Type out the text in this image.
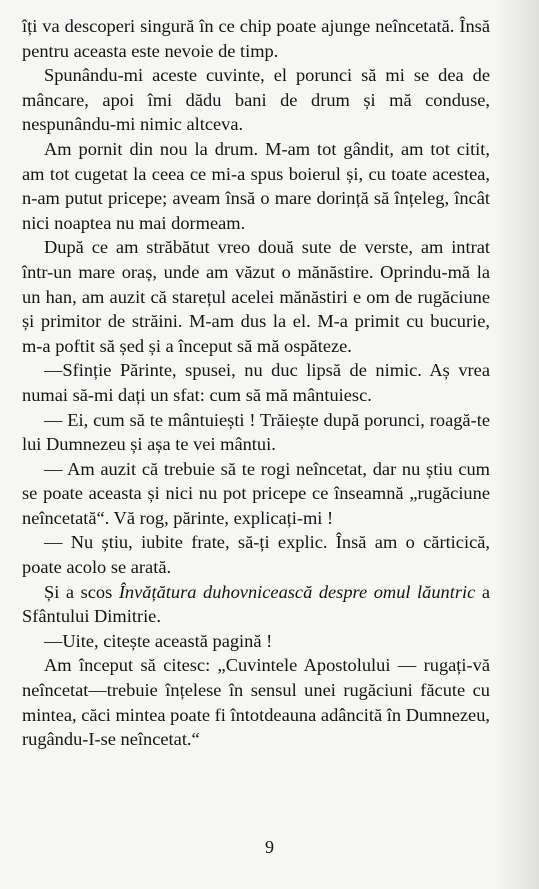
îți va descoperi singură în ce chip poate ajunge neîncetată. Însă pentru aceasta este nevoie de timp.

Spunându-mi aceste cuvinte, el porunci să mi se dea de mâncare, apoi îmi dădu bani de drum și mă conduse, nespunându-mi nimic altceva.

Am pornit din nou la drum. M-am tot gândit, am tot citit, am tot cugetat la ceea ce mi-a spus boierul și, cu toate acestea, n-am putut pricepe; aveam însă o mare dorință să înțeleg, încât nici noaptea nu mai dormeam.

După ce am străbătut vreo două sute de verste, am intrat într-un mare oraș, unde am văzut o mănăstire. Oprindu-mă la un han, am auzit că starețul acelei mănăstiri e om de rugăciune și primitor de străini. M-am dus la el. M-a primit cu bucurie, m-a poftit să șed și a început să mă ospăteze.

—Sfinție Părinte, spusei, nu duc lipsă de nimic. Aș vrea numai să-mi dați un sfat: cum să mă mântuiesc.

— Ei, cum să te mântuiești ! Trăiește după porunci, roagă-te lui Dumnezeu și așa te vei mântui.

— Am auzit că trebuie să te rogi neîncetat, dar nu știu cum se poate aceasta și nici nu pot pricepe ce înseamnă „rugăciune neîncetată“. Vă rog, părinte, explicați-mi !

— Nu știu, iubite frate, să-ți explic. Însă am o cărticică, poate acolo se arată.

Și a scos Învățătura duhovnicească despre omul lăuntric a Sfântului Dimitrie.

—Uite, citește această pagină !

Am început să citesc: „Cuvintele Apostolului — rugați-vă neîncetat—trebuie înțelese în sensul unei rugăciuni făcute cu mintea, căci mintea poate fi întotdeauna adâncită în Dumnezeu, rugându-I-se neîncetat.“

9
